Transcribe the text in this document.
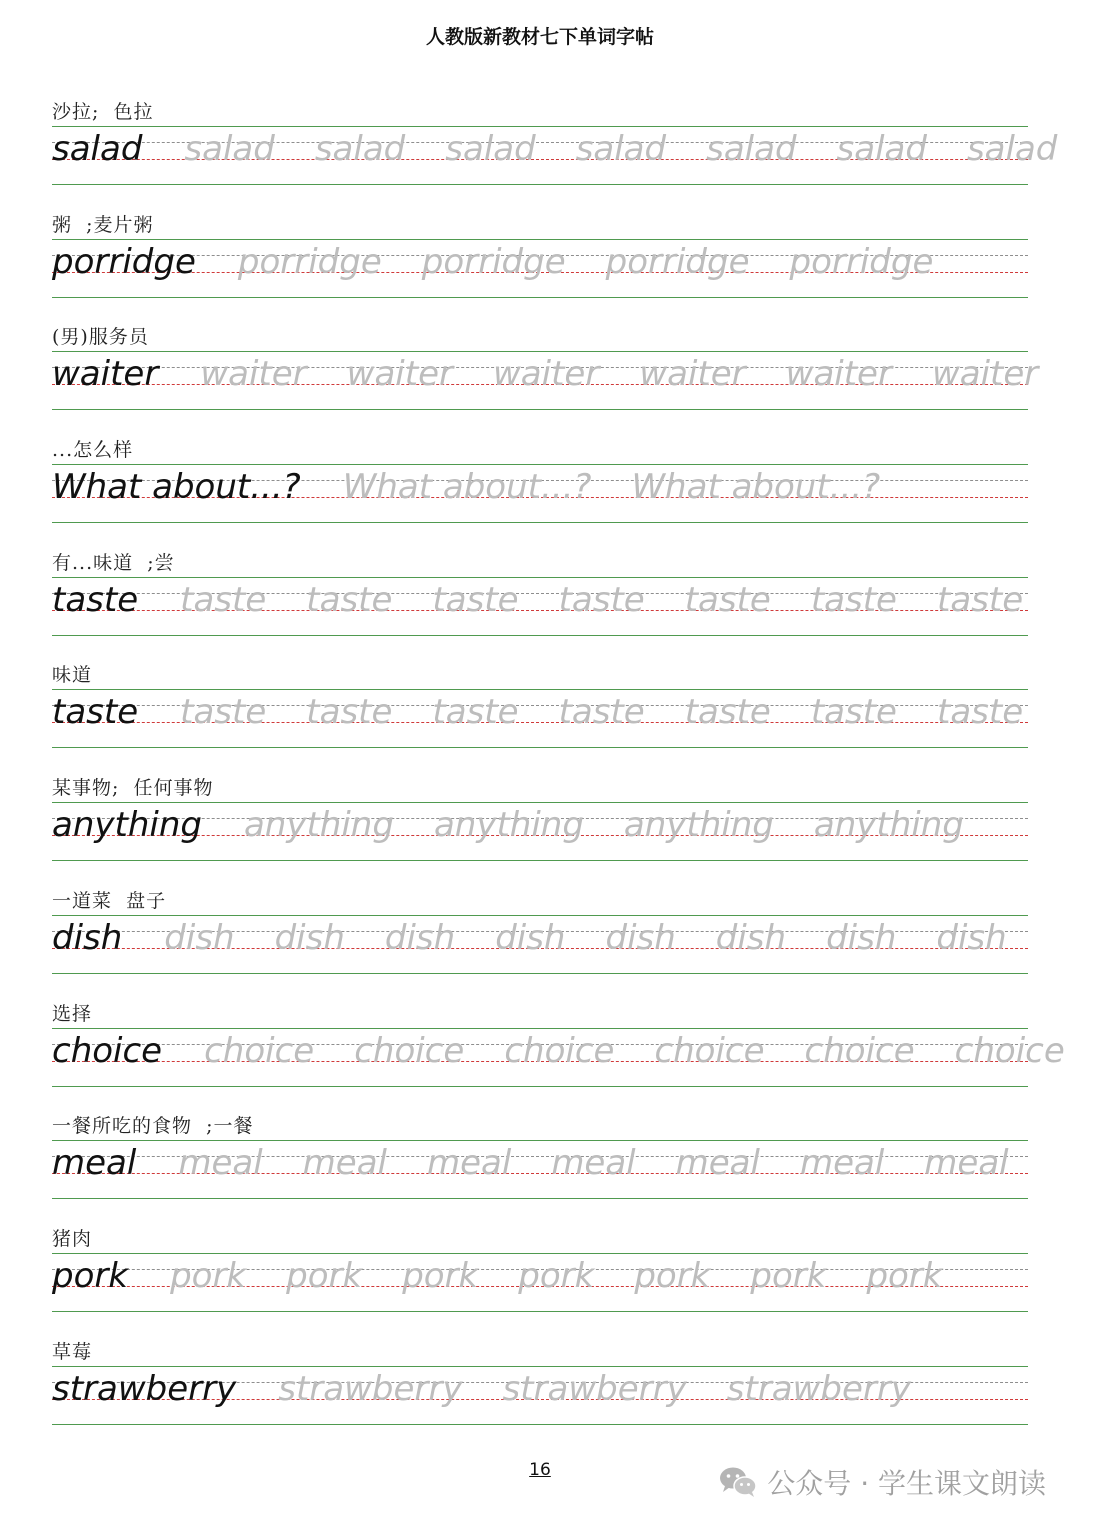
人教版新教材七下单词字帖
沙拉;  色拉
salad salad salad salad salad salad salad salad
粥  ;麦片粥
porridge porridge porridge porridge porridge
(男)服务员
waiter waiter waiter waiter waiter waiter waiter
...怎么样
What about...? What about...? What about...?
有...味道  ;尝
taste taste taste taste taste taste taste taste
味道
taste taste taste taste taste taste taste taste
某事物;  任何事物
anything anything anything anything anything
一道菜  盘子
dish dish dish dish dish dish dish dish dish
选择
choice choice choice choice choice choice choice
一餐所吃的食物  ;一餐
meal meal meal meal meal meal meal meal
猪肉
pork pork pork pork pork pork pork pork
草莓
strawberry strawberry strawberry strawberry
16	公众号 · 学生课文朗读
